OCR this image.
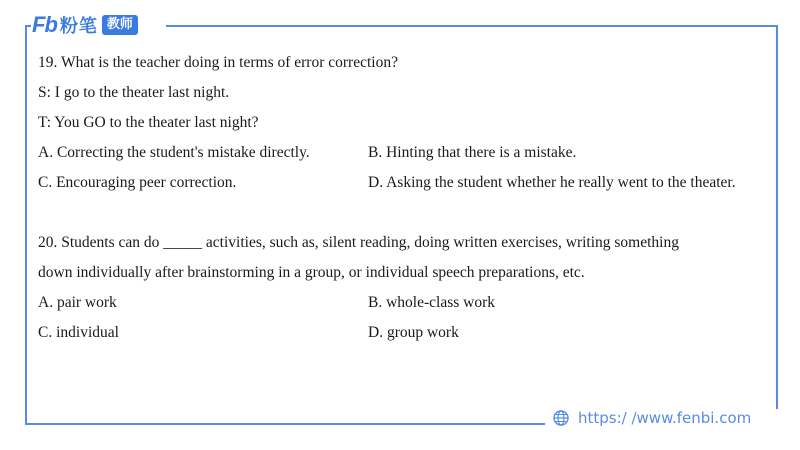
Fb 粉笔 教师
19. What is the teacher doing in terms of error correction?
S: I go to the theater last night.
T: You GO to the theater last night?
A. Correcting the student's mistake directly.	B. Hinting that there is a mistake.
C. Encouraging peer correction.	D. Asking the student whether he really went to the theater.
20. Students can do _____ activities, such as, silent reading, doing written exercises, writing something
down individually after brainstorming in a group, or individual speech preparations, etc.
A. pair work	B. whole-class work
C. individual	D. group work
https:/ /www.fenbi.com
